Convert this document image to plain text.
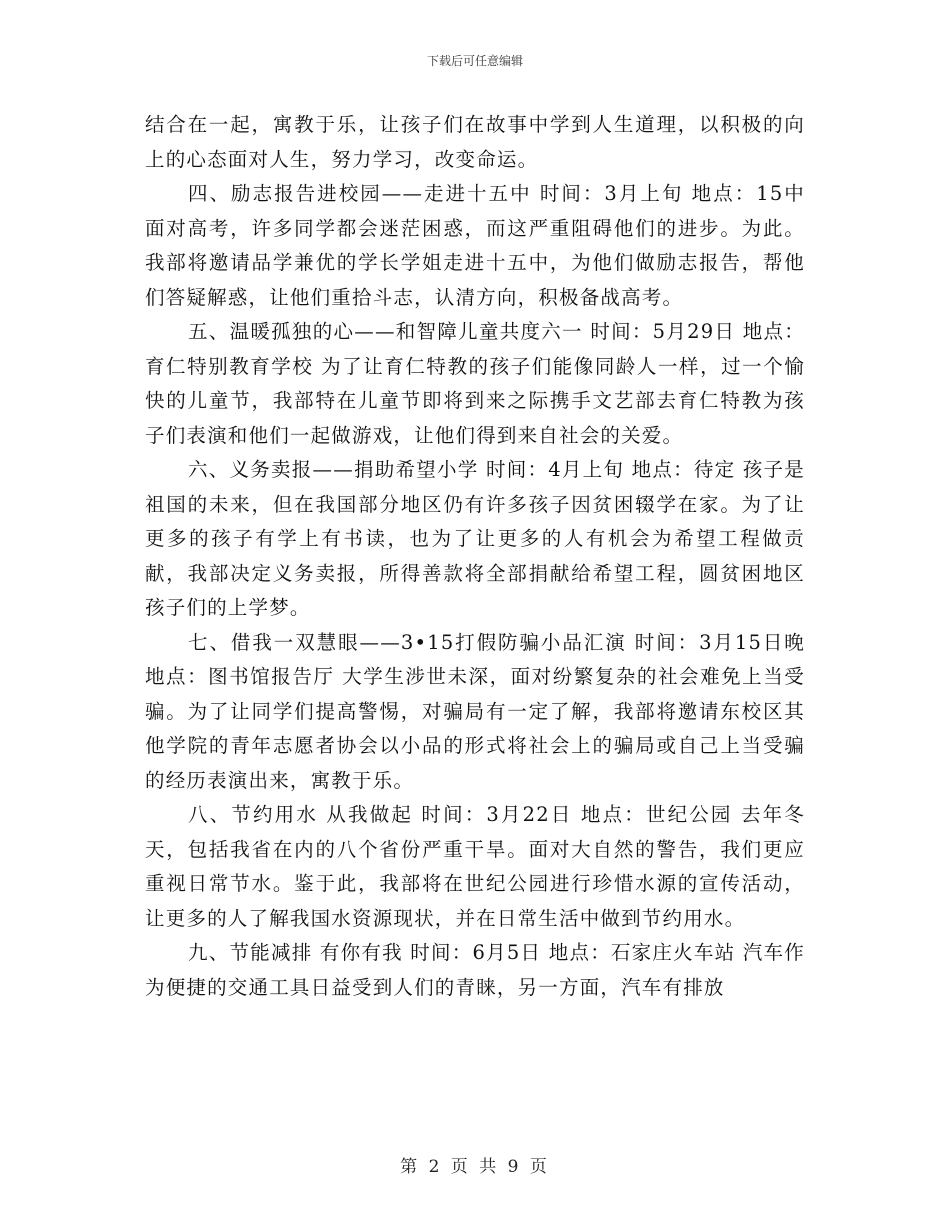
下载后可任意编辑

结合在一起，寓教于乐，让孩子们在故事中学到人生道理，以积极的向上的心态面对人生，努力学习，改变命运。

四、励志报告进校园——走进十五中 时间：3月上旬 地点：15中 面对高考，许多同学都会迷茫困惑，而这严重阻碍他们的进步。为此。我部将邀请品学兼优的学长学姐走进十五中，为他们做励志报告，帮他们答疑解惑，让他们重拾斗志，认清方向，积极备战高考。

五、温暖孤独的心——和智障儿童共度六一 时间：5月29日 地点：育仁特别教育学校 为了让育仁特教的孩子们能像同龄人一样，过一个愉快的儿童节，我部特在儿童节即将到来之际携手文艺部去育仁特教为孩子们表演和他们一起做游戏，让他们得到来自社会的关爱。

六、义务卖报——捐助希望小学 时间：4月上旬 地点：待定 孩子是祖国的未来，但在我国部分地区仍有许多孩子因贫困辍学在家。为了让更多的孩子有学上有书读，也为了让更多的人有机会为希望工程做贡献，我部决定义务卖报，所得善款将全部捐献给希望工程，圆贫困地区孩子们的上学梦。

七、借我一双慧眼——3•15打假防骗小品汇演 时间：3月15日晚 地点：图书馆报告厅 大学生涉世未深，面对纷繁复杂的社会难免上当受骗。为了让同学们提高警惕，对骗局有一定了解，我部将邀请东校区其他学院的青年志愿者协会以小品的形式将社会上的骗局或自己上当受骗的经历表演出来，寓教于乐。

八、节约用水 从我做起 时间：3月22日 地点：世纪公园 去年冬天，包括我省在内的八个省份严重干旱。面对大自然的警告，我们更应重视日常节水。鉴于此，我部将在世纪公园进行珍惜水源的宣传活动，让更多的人了解我国水资源现状，并在日常生活中做到节约用水。

九、节能减排 有你有我 时间：6月5日 地点：石家庄火车站 汽车作为便捷的交通工具日益受到人们的青睐，另一方面，汽车有排放

第 2 页 共 9 页
